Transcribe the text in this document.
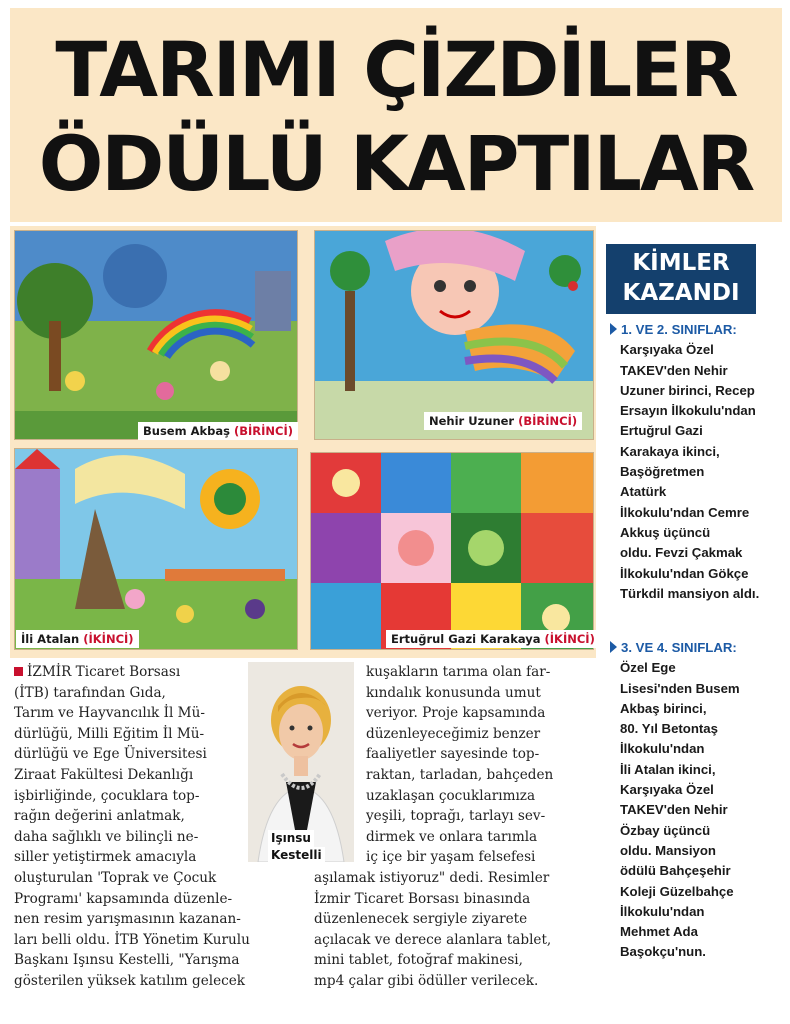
TARIMI ÇİZDİLER
ÖDÜLÜ KAPTILAR
Busem Akbaş (BİRİNCİ)
Nehir Uzuner (BİRİNCİ)
İli Atalan (İKİNCİ)	Ertuğrul Gazi Karakaya (İKİNCİ)
KİMLER
KAZANDI
1. VE 2. SINIFLAR:
Karşıyaka Özel
TAKEV'den Nehir
Uzuner birinci, Recep
Ersayın İlkokulu'ndan
Ertuğrul Gazi
Karakaya ikinci,
Başöğretmen
Atatürk
İlkokulu'ndan Cemre
Akkuş üçüncü
oldu. Fevzi Çakmak
İlkokulu'ndan Gökçe
Türkdil mansiyon aldı.
3. VE 4. SINIFLAR:
Özel Ege
Lisesi'nden Busem
Akbaş birinci,
80. Yıl Betontaş
İlkokulu'ndan
İli Atalan ikinci,
Karşıyaka Özel
TAKEV'den Nehir
Özbay üçüncü
oldu. Mansiyon
ödülü Bahçeşehir
Koleji Güzelbahçe
İlkokulu'ndan
Mehmet Ada
Başokçu'nun.
Işınsu
Kestelli
İZMİR Ticaret Borsası
(İTB) tarafından Gıda,
Tarım ve Hayvancılık İl Mü-
dürlüğü, Milli Eğitim İl Mü-
dürlüğü ve Ege Üniversitesi
Ziraat Fakültesi Dekanlığı
işbirliğinde, çocuklara top-
rağın değerini anlatmak,
daha sağlıklı ve bilinçli ne-
siller yetiştirmek amacıyla
oluşturulan 'Toprak ve Çocuk
Programı' kapsamında düzenle-
nen resim yarışmasının kazanan-
ları belli oldu. İTB Yönetim Kurulu
Başkanı Işınsu Kestelli, "Yarışma
gösterilen yüksek katılım gelecek
kuşakların tarıma olan far-
kındalık konusunda umut
veriyor. Proje kapsamında
düzenleyeceğimiz benzer
faaliyetler sayesinde top-
raktan, tarladan, bahçeden
uzaklaşan çocuklarımıza
yeşili, toprağı, tarlayı sev-
dirmek ve onlara tarımla
iç içe bir yaşam felsefesi
aşılamak istiyoruz" dedi. Resimler
İzmir Ticaret Borsası binasında
düzenlenecek sergiyle ziyarete
açılacak ve derece alanlara tablet,
mini tablet, fotoğraf makinesi,
mp4 çalar gibi ödüller verilecek.
